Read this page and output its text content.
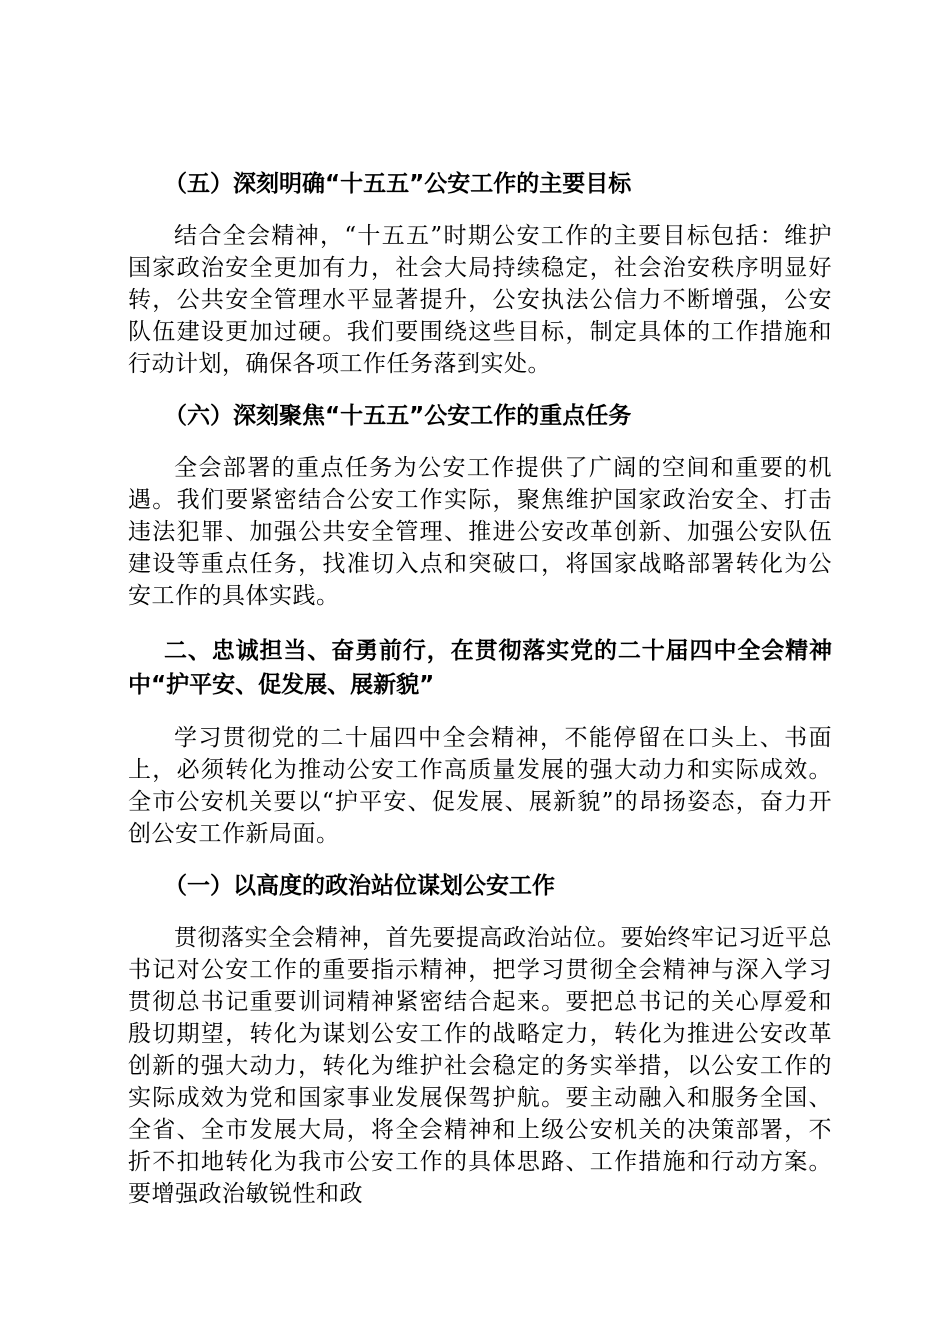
（五）深刻明确“十五五”公安工作的主要目标

结合全会精神，“十五五”时期公安工作的主要目标包括：维护国家政治安全更加有力，社会大局持续稳定，社会治安秩序明显好转，公共安全管理水平显著提升，公安执法公信力不断增强，公安队伍建设更加过硬。我们要围绕这些目标，制定具体的工作措施和行动计划，确保各项工作任务落到实处。

（六）深刻聚焦“十五五”公安工作的重点任务

全会部署的重点任务为公安工作提供了广阔的空间和重要的机遇。我们要紧密结合公安工作实际，聚焦维护国家政治安全、打击违法犯罪、加强公共安全管理、推进公安改革创新、加强公安队伍建设等重点任务，找准切入点和突破口，将国家战略部署转化为公安工作的具体实践。

二、忠诚担当、奋勇前行，在贯彻落实党的二十届四中全会精神中“护平安、促发展、展新貌”

学习贯彻党的二十届四中全会精神，不能停留在口头上、书面上，必须转化为推动公安工作高质量发展的强大动力和实际成效。全市公安机关要以“护平安、促发展、展新貌”的昂扬姿态，奋力开创公安工作新局面。

（一）以高度的政治站位谋划公安工作

贯彻落实全会精神，首先要提高政治站位。要始终牢记习近平总书记对公安工作的重要指示精神，把学习贯彻全会精神与深入学习贯彻总书记重要训词精神紧密结合起来。要把总书记的关心厚爱和殷切期望，转化为谋划公安工作的战略定力，转化为推进公安改革创新的强大动力，转化为维护社会稳定的务实举措，以公安工作的实际成效为党和国家事业发展保驾护航。要主动融入和服务全国、全省、全市发展大局，将全会精神和上级公安机关的决策部署，不折不扣地转化为我市公安工作的具体思路、工作措施和行动方案。要增强政治敏锐性和政
